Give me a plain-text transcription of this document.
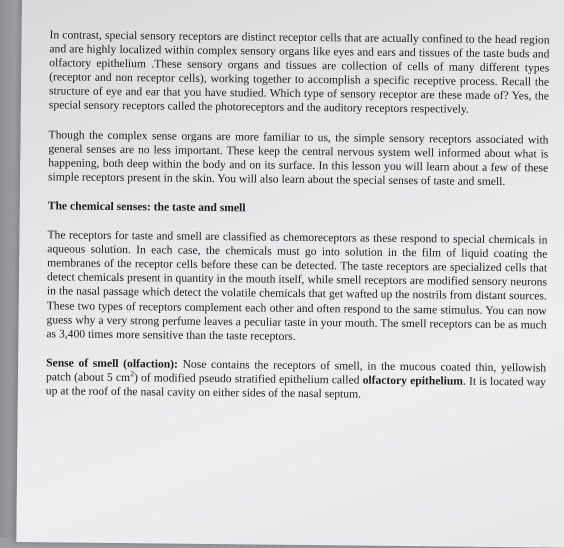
In contrast, special sensory receptors are distinct receptor cells that are actually confined to the head region and are highly localized within complex sensory organs like eyes and ears and tissues of the taste buds and olfactory epithelium .These sensory organs and tissues are collection of cells of many different types (receptor and non receptor cells), working together to accomplish a specific receptive process. Recall the structure of eye and ear that you have studied. Which type of sensory receptor are these made of? Yes, the special sensory receptors called the photoreceptors and the auditory receptors respectively.

Though the complex sense organs are more familiar to us, the simple sensory receptors associated with general senses are no less important. These keep the central nervous system well informed about what is happening, both deep within the body and on its surface. In this lesson you will learn about a few of these simple receptors present in the skin. You will also learn about the special senses of taste and smell.

The chemical senses: the taste and smell

The receptors for taste and smell are classified as chemoreceptors as these respond to special chemicals in aqueous solution. In each case, the chemicals must go into solution in the film of liquid coating the membranes of the receptor cells before these can be detected. The taste receptors are specialized cells that detect chemicals present in quantity in the mouth itself, while smell receptors are modified sensory neurons in the nasal passage which detect the volatile chemicals that get wafted up the nostrils from distant sources. These two types of receptors complement each other and often respond to the same stimulus. You can now guess why a very strong perfume leaves a peculiar taste in your mouth. The smell receptors can be as much as 3,400 times more sensitive than the taste receptors.

Sense of smell (olfaction): Nose contains the receptors of smell, in the mucous coated thin, yellowish patch (about 5 $cm^2$) of modified pseudo stratified epithelium called olfactory epithelium. It is located way up at the roof of the nasal cavity on either sides of the nasal septum.
